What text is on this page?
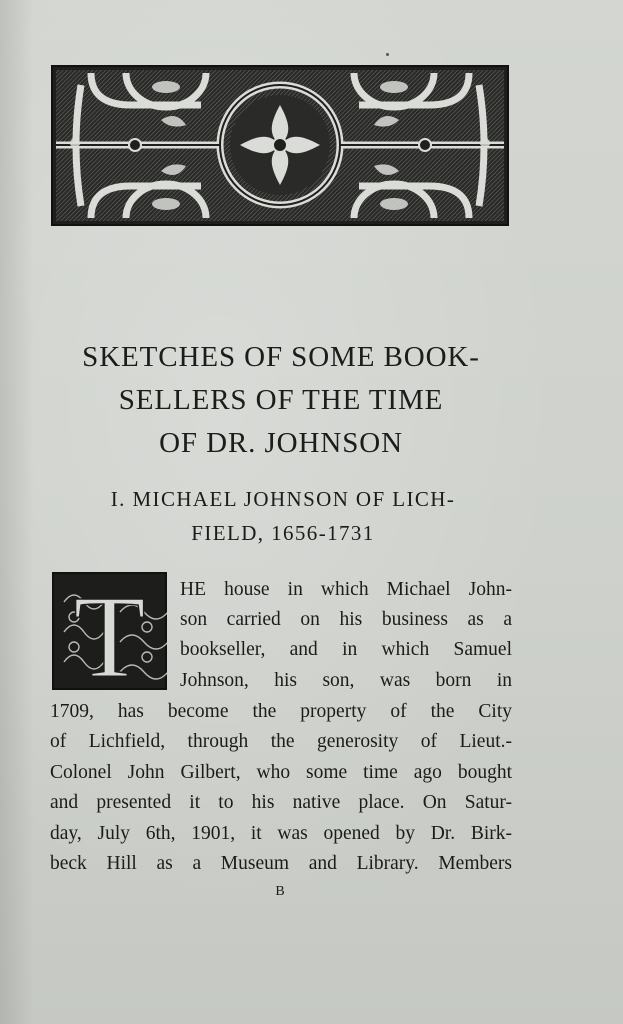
SKETCHES OF SOME BOOK-
SELLERS OF THE TIME
OF DR. JOHNSON
I. MICHAEL JOHNSON OF LICH-
FIELD, 1656-1731
T HE house in which Michael John-
son carried on his business as a
bookseller, and in which Samuel
Johnson, his son, was born in
1709, has become the property of the City
of Lichfield, through the generosity of Lieut.-
Colonel John Gilbert, who some time ago bought
and presented it to his native place. On Satur-
day, July 6th, 1901, it was opened by Dr. Birk-
beck Hill as a Museum and Library. Members
B
